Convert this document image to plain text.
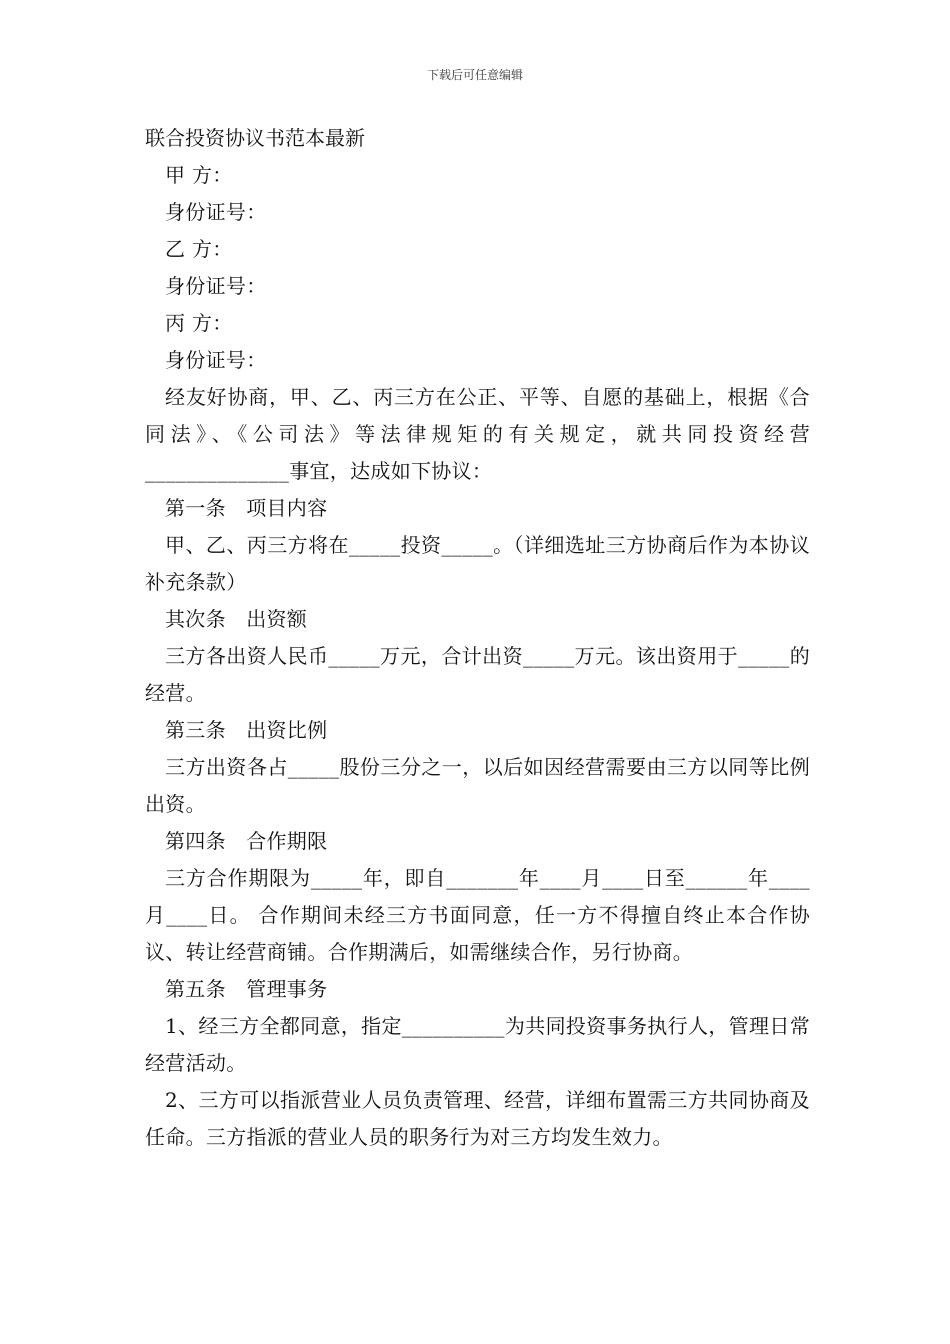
下载后可任意编辑
联合投资协议书范本最新
甲 方：
身份证号：
乙 方：
身份证号：
丙 方：
身份证号：
经友好协商，甲、乙、丙三方在公正、平等、自愿的基础上，根据《合同法》、《公司法》等法律规矩的有关规定，就共同投资经营______________事宜，达成如下协议：
第一条　项目内容
甲、乙、丙三方将在_____投资_____。（详细选址三方协商后作为本协议补充条款）
其次条　出资额
三方各出资人民币_____万元，合计出资_____万元。该出资用于_____的经营。
第三条　出资比例
三方出资各占_____股份三分之一，以后如因经营需要由三方以同等比例出资。
第四条　合作期限
三方合作期限为_____年，即自_______年____月____日至______年____月____日。 合作期间未经三方书面同意，任一方不得擅自终止本合作协议、转让经营商铺。合作期满后，如需继续合作，另行协商。
第五条　管理事务
1、经三方全都同意，指定__________为共同投资事务执行人，管理日常经营活动。
2、三方可以指派营业人员负责管理、经营，详细布置需三方共同协商及任命。三方指派的营业人员的职务行为对三方均发生效力。
